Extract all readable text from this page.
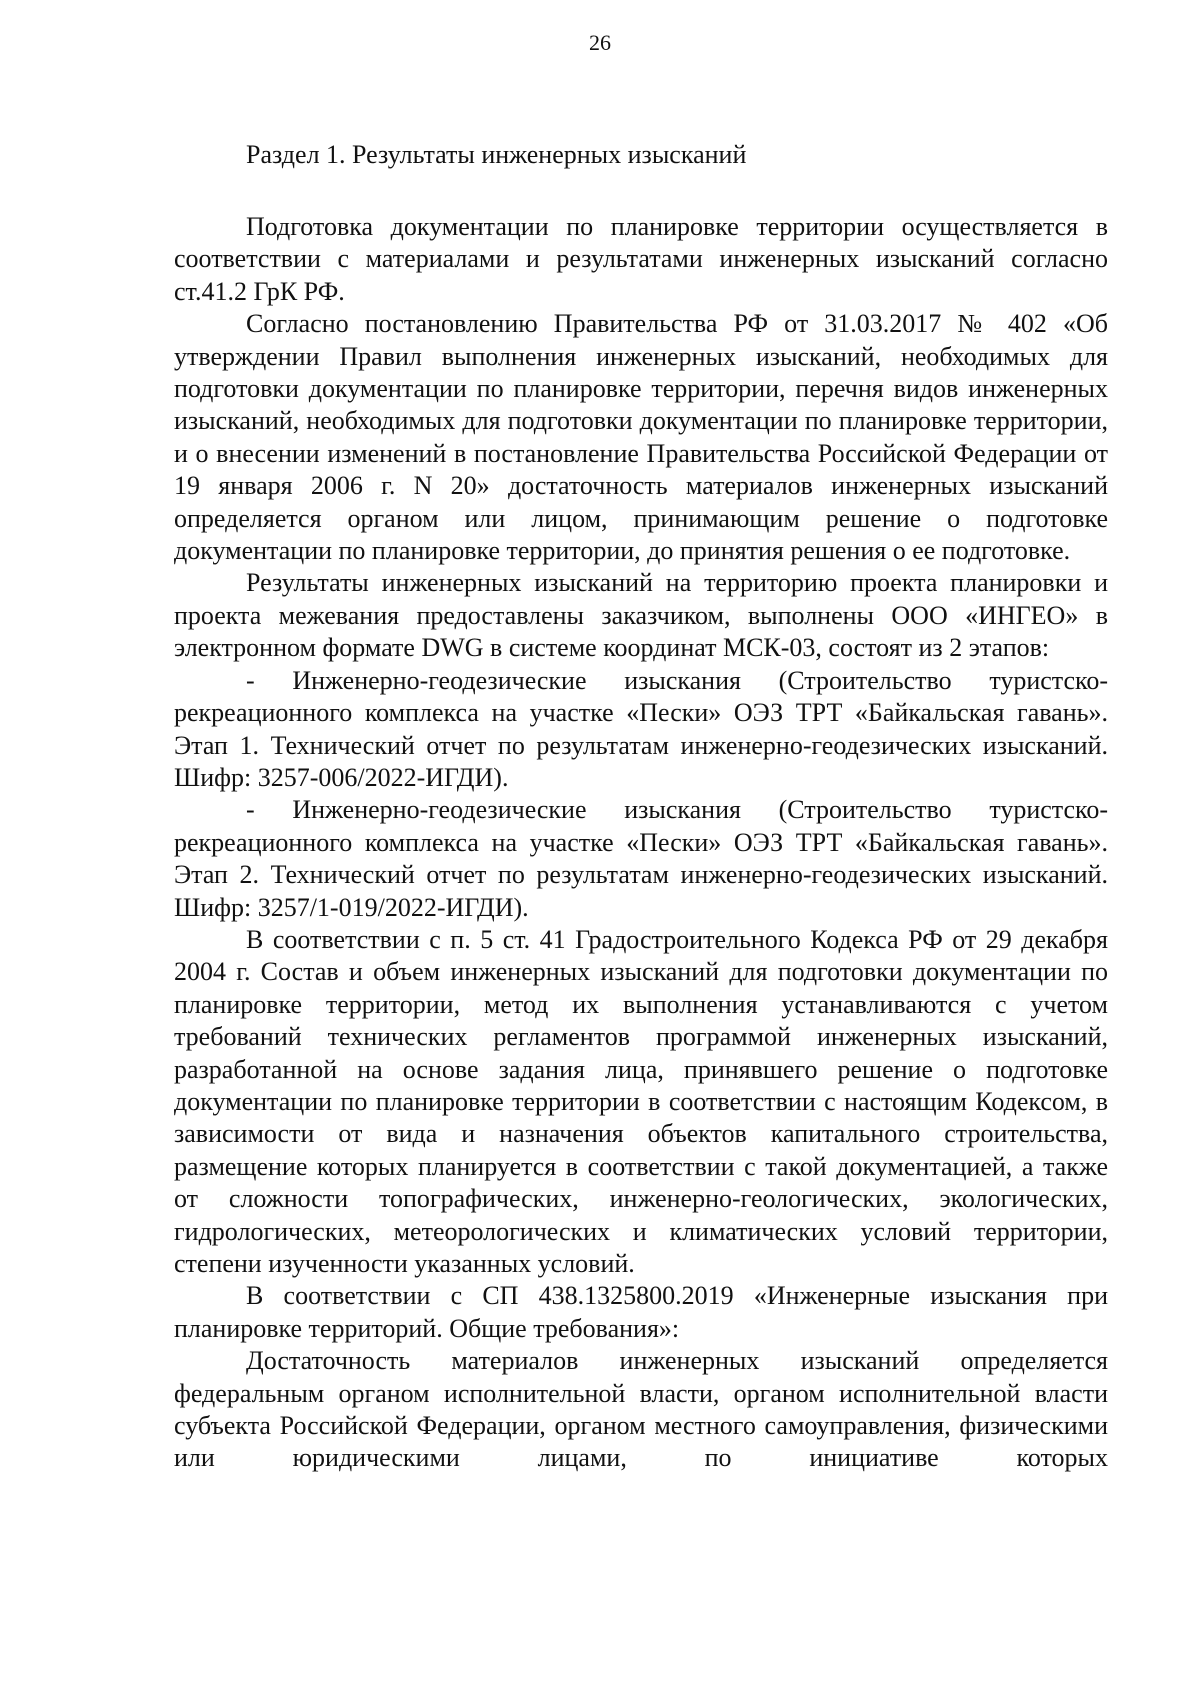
26
Раздел 1. Результаты инженерных изысканий

Подготовка документации по планировке территории осуществляется в соответствии с материалами и результатами инженерных изысканий согласно ст.41.2 ГрК РФ.

Согласно постановлению Правительства РФ от 31.03.2017 № 402 «Об утверждении Правил выполнения инженерных изысканий, необходимых для подготовки документации по планировке территории, перечня видов инженерных изысканий, необходимых для подготовки документации по планировке территории, и о внесении изменений в постановление Правительства Российской Федерации от 19 января 2006 г. N 20» достаточность материалов инженерных изысканий определяется органом или лицом, принимающим решение о подготовке документации по планировке территории, до принятия решения о ее подготовке.

Результаты инженерных изысканий на территорию проекта планировки и проекта межевания предоставлены заказчиком, выполнены ООО «ИНГЕО» в электронном формате DWG в системе координат МСК-03, состоят из 2 этапов:

- Инженерно-геодезические изыскания (Строительство туристско-рекреационного комплекса на участке «Пески» ОЭЗ ТРТ «Байкальская гавань». Этап 1. Технический отчет по результатам инженерно-геодезических изысканий. Шифр: 3257-006/2022-ИГДИ).

- Инженерно-геодезические изыскания (Строительство туристско-рекреационного комплекса на участке «Пески» ОЭЗ ТРТ «Байкальская гавань». Этап 2. Технический отчет по результатам инженерно-геодезических изысканий. Шифр: 3257/1-019/2022-ИГДИ).

В соответствии с п. 5 ст. 41 Градостроительного Кодекса РФ от 29 декабря 2004 г. Состав и объем инженерных изысканий для подготовки документации по планировке территории, метод их выполнения устанавливаются с учетом требований технических регламентов программой инженерных изысканий, разработанной на основе задания лица, принявшего решение о подготовке документации по планировке территории в соответствии с настоящим Кодексом, в зависимости от вида и назначения объектов капитального строительства, размещение которых планируется в соответствии с такой документацией, а также от сложности топографических, инженерно-геологических, экологических, гидрологических, метеорологических и климатических условий территории, степени изученности указанных условий.

В соответствии с СП 438.1325800.2019 «Инженерные изыскания при планировке территорий. Общие требования»:

Достаточность материалов инженерных изысканий определяется федеральным органом исполнительной власти, органом исполнительной власти субъекта Российской Федерации, органом местного самоуправления, физическими или юридическими лицами, по инициативе которых
